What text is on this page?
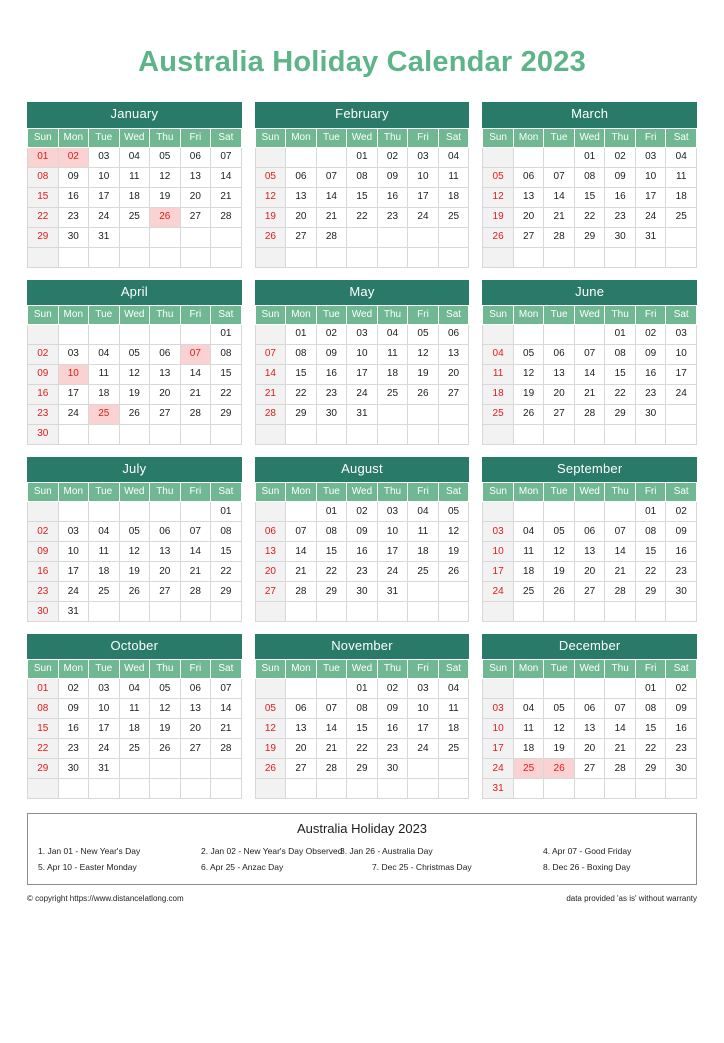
Australia Holiday Calendar 2023
January
Sun	Mon	Tue	Wed	Thu	Fri	Sat
01	02	03	04	05	06	07
08	09	10	11	12	13	14
15	16	17	18	19	20	21
22	23	24	25	26	27	28
29	30	31				

February
Sun	Mon	Tue	Wed	Thu	Fri	Sat
			01	02	03	04
05	06	07	08	09	10	11
12	13	14	15	16	17	18
19	20	21	22	23	24	25
26	27	28				

March
Sun	Mon	Tue	Wed	Thu	Fri	Sat
			01	02	03	04
05	06	07	08	09	10	11
12	13	14	15	16	17	18
19	20	21	22	23	24	25
26	27	28	29	30	31	

April
Sun	Mon	Tue	Wed	Thu	Fri	Sat
						01
02	03	04	05	06	07	08
09	10	11	12	13	14	15
16	17	18	19	20	21	22
23	24	25	26	27	28	29
30						
May
Sun	Mon	Tue	Wed	Thu	Fri	Sat
	01	02	03	04	05	06
07	08	09	10	11	12	13
14	15	16	17	18	19	20
21	22	23	24	25	26	27
28	29	30	31			

June
Sun	Mon	Tue	Wed	Thu	Fri	Sat
				01	02	03
04	05	06	07	08	09	10
11	12	13	14	15	16	17
18	19	20	21	22	23	24
25	26	27	28	29	30	

July
Sun	Mon	Tue	Wed	Thu	Fri	Sat
						01
02	03	04	05	06	07	08
09	10	11	12	13	14	15
16	17	18	19	20	21	22
23	24	25	26	27	28	29
30	31					
August
Sun	Mon	Tue	Wed	Thu	Fri	Sat
		01	02	03	04	05
06	07	08	09	10	11	12
13	14	15	16	17	18	19
20	21	22	23	24	25	26
27	28	29	30	31		

September
Sun	Mon	Tue	Wed	Thu	Fri	Sat
					01	02
03	04	05	06	07	08	09
10	11	12	13	14	15	16
17	18	19	20	21	22	23
24	25	26	27	28	29	30

October
Sun	Mon	Tue	Wed	Thu	Fri	Sat
01	02	03	04	05	06	07
08	09	10	11	12	13	14
15	16	17	18	19	20	21
22	23	24	25	26	27	28
29	30	31				

November
Sun	Mon	Tue	Wed	Thu	Fri	Sat
			01	02	03	04
05	06	07	08	09	10	11
12	13	14	15	16	17	18
19	20	21	22	23	24	25
26	27	28	29	30		

December
Sun	Mon	Tue	Wed	Thu	Fri	Sat
					01	02
03	04	05	06	07	08	09
10	11	12	13	14	15	16
17	18	19	20	21	22	23
24	25	26	27	28	29	30
31						
Australia Holiday 2023
1. Jan 01 - New Year's Day	2. Jan 02 - New Year's Day Observed
3. Jan 26 - Australia Day	4. Apr 07 - Good Friday
5. Apr 10 - Easter Monday	6. Apr 25 - Anzac Day	7. Dec 25 - Christmas Day	8. Dec 26 - Boxing Day
© copyright https://www.distancelatlong.com	data provided 'as is' without warranty
